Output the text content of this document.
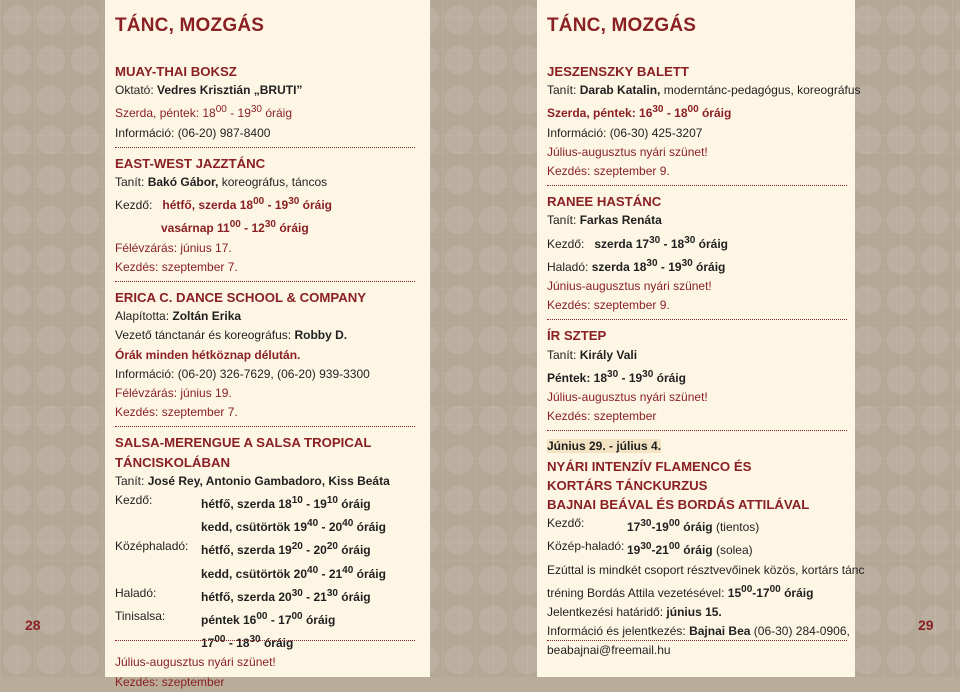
TÁNC, MOZGÁS

MUAY-THAI BOKSZ

Oktató: Vedres Krisztián „BRUTI”

Szerda, péntek: $18^{00} - 19^{30}$ óráig

Információ: (06-20) 987-8400

EAST-WEST JAZZTÁNC

Tanít: Bakó Gábor, koreográfus, táncos

Kezdő: hétfő, szerda $18^{00} - 19^{30}$ óráig

vasárnap $11^{00} - 12^{30}$ óráig

Félévzárás: június 17.

Kezdés: szeptember 7.

ERICA C. DANCE SCHOOL & COMPANY

Alapította: Zoltán Erika

Vezető tánctanár és koreográfus: Robby D.

Órák minden hétköznap délután.

Információ: (06-20) 326-7629, (06-20) 939-3300

Félévzárás: június 19.

Kezdés: szeptember 7.

SALSA-MERENGUE A SALSA TROPICAL

TÁNCISKOLÁBAN

Tanít: José Rey, Antonio Gambadoro, Kiss Beáta

Kezdő:	hétfő, szerda $18^{10} - 19^{10}$ óráig
kedd, csütörtök $19^{40} - 20^{40}$ óráig
Középhaladó:	hétfő, szerda $19^{20} - 20^{20}$ óráig
kedd, csütörtök $20^{40} - 21^{40}$ óráig
Haladó:	hétfő, szerda $20^{30} - 21^{30}$ óráig
Tinisalsa:	péntek $16^{00} - 17^{00}$ óráig
$17^{00} - 18^{30}$ óráig

Július-augusztus nyári szünet!

Kezdés: szeptember

TÁNC, MOZGÁS

JESZENSZKY BALETT

Tanít: Darab Katalin, moderntánc-pedagógus, koreográfus

Szerda, péntek: $16^{30} - 18^{00}$ óráig

Információ: (06-30) 425-3207

Július-augusztus nyári szünet!

Kezdés: szeptember 9.

RANEE HASTÁNC

Tanít: Farkas Renáta

Kezdő: szerda $17^{30} - 18^{30}$ óráig

Haladó: szerda $18^{30} - 19^{30}$ óráig

Június-augusztus nyári szünet!

Kezdés: szeptember 9.

ÍR SZTEP

Tanít: Király Vali

Péntek: $18^{30} - 19^{30}$ óráig

Július-augusztus nyári szünet!

Kezdés: szeptember

Június 29. - július 4.

NYÁRI INTENZÍV FLAMENCO ÉS

KORTÁRS TÁNCKURZUS

BAJNAI BEÁVAL ÉS BORDÁS ATTILÁVAL

Kezdő:	$17^{30}-19^{00}$ óráig (tientos)
Közép-haladó: $19^{30}-21^{00}$ óráig (solea)

Ezúttal is mindkét csoport résztvevőinek közös, kortárs tánc

tréning Bordás Attila vezetésével: $15^{00}-17^{00}$ óráig

Jelentkezési határidő: június 15.

Információ és jelentkezés: Bajnai Bea (06-30) 284-0906,

beabajnai@freemail.hu

28	29
